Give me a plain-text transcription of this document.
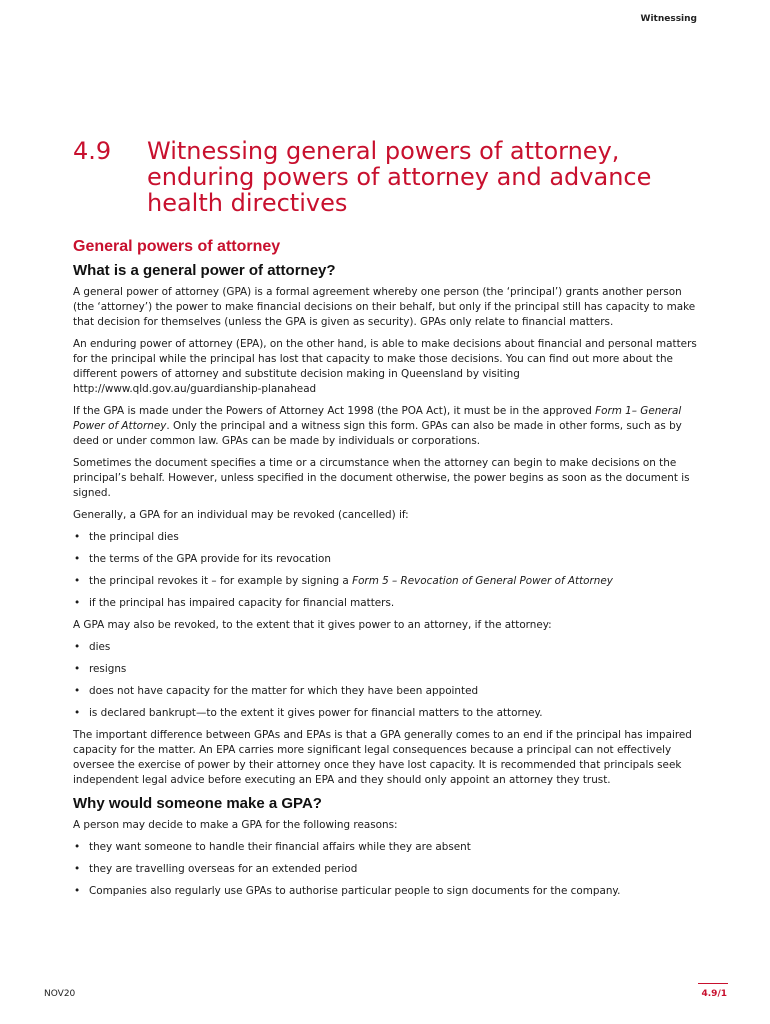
Witnessing
4.9	Witnessing general powers of attorney, enduring powers of attorney and advance health directives
General powers of attorney
What is a general power of attorney?

A general power of attorney (GPA) is a formal agreement whereby one person (the ‘principal’) grants another person (the ‘attorney’) the power to make financial decisions on their behalf, but only if the principal still has capacity to make that decision for themselves (unless the GPA is given as security). GPAs only relate to financial matters.

An enduring power of attorney (EPA), on the other hand, is able to make decisions about financial and personal matters for the principal while the principal has lost that capacity to make those decisions. You can find out more about the different powers of attorney and substitute decision making in Queensland by visiting http://www.qld.gov.au/guardianship-planahead

If the GPA is made under the Powers of Attorney Act 1998 (the POA Act), it must be in the approved Form 1– General Power of Attorney. Only the principal and a witness sign this form. GPAs can also be made in other forms, such as by deed or under common law. GPAs can be made by individuals or corporations.

Sometimes the document specifies a time or a circumstance when the attorney can begin to make decisions on the principal’s behalf. However, unless specified in the document otherwise, the power begins as soon as the document is signed.

Generally, a GPA for an individual may be revoked (cancelled) if:

• the principal dies
• the terms of the GPA provide for its revocation
• the principal revokes it – for example by signing a Form 5 – Revocation of General Power of Attorney
• if the principal has impaired capacity for financial matters.

A GPA may also be revoked, to the extent that it gives power to an attorney, if the attorney:

• dies
• resigns
• does not have capacity for the matter for which they have been appointed
• is declared bankrupt—to the extent it gives power for financial matters to the attorney.

The important difference between GPAs and EPAs is that a GPA generally comes to an end if the principal has impaired capacity for the matter. An EPA carries more significant legal consequences because a principal can not effectively oversee the exercise of power by their attorney once they have lost capacity. It is recommended that principals seek independent legal advice before executing an EPA and they should only appoint an attorney they trust.

Why would someone make a GPA?

A person may decide to make a GPA for the following reasons:

• they want someone to handle their financial affairs while they are absent
• they are travelling overseas for an extended period
• Companies also regularly use GPAs to authorise particular people to sign documents for the company.
NOV20	4.9/1
